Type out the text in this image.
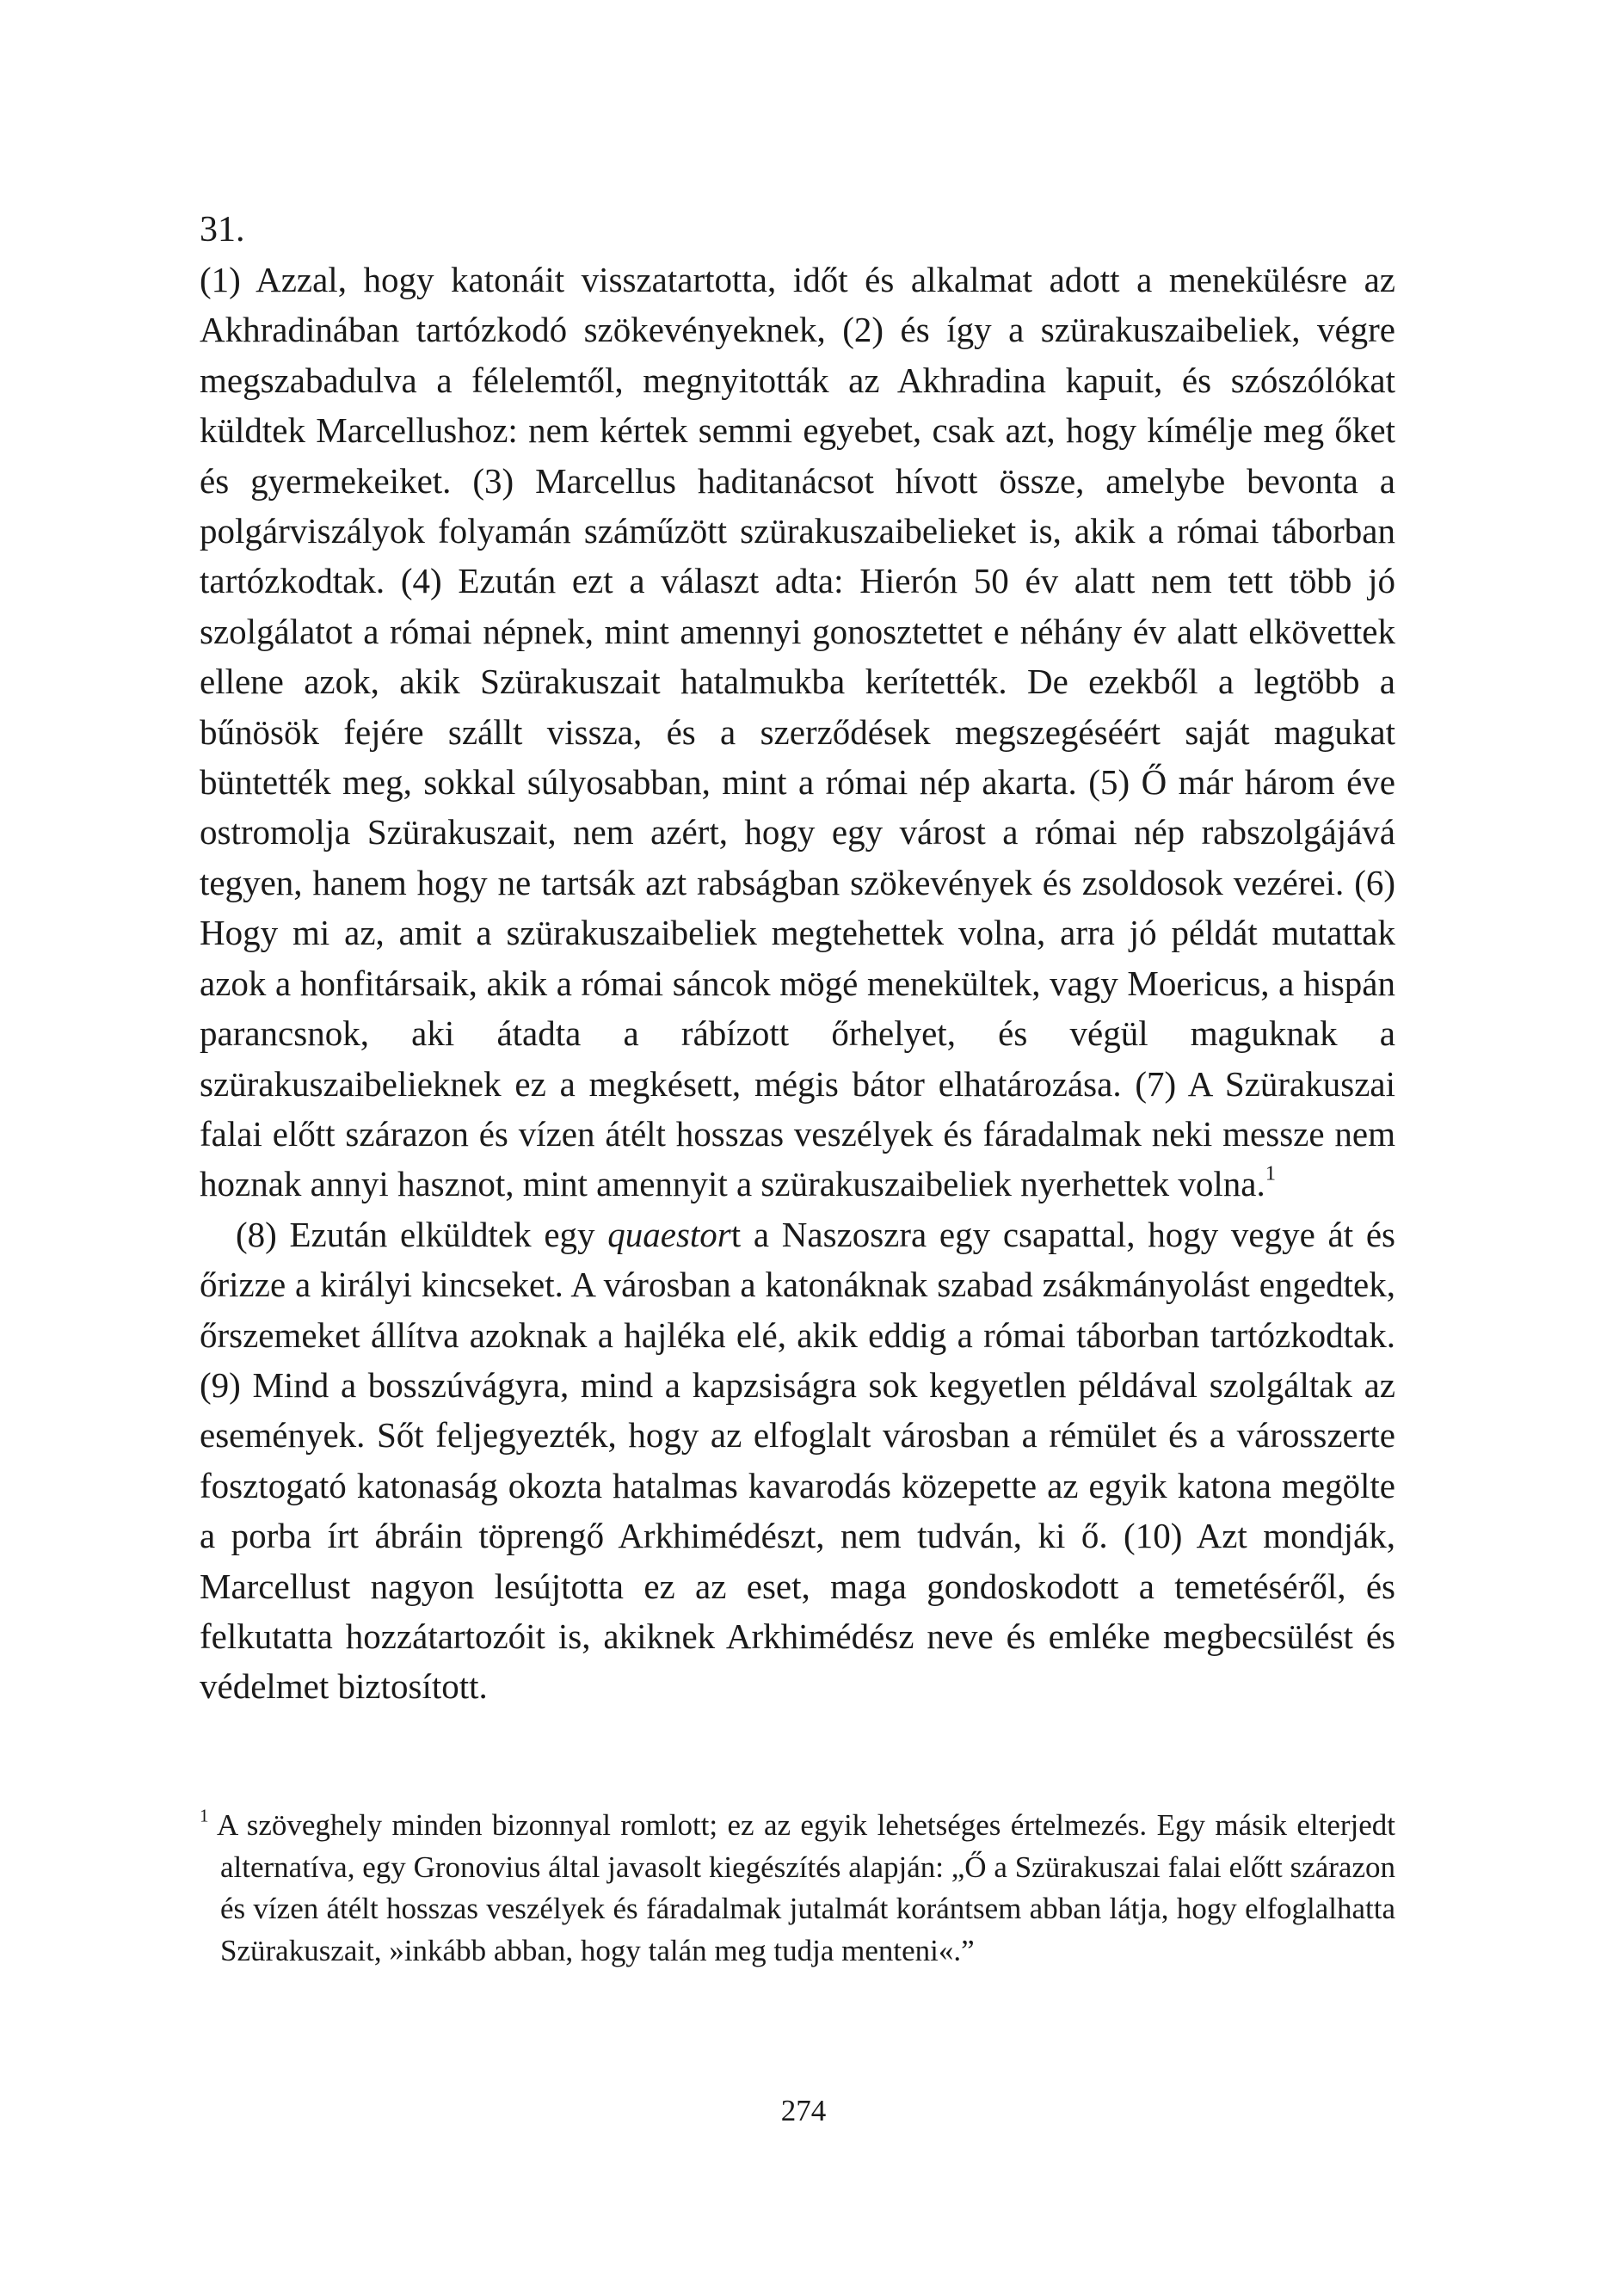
31.

(1) Azzal, hogy katonáit visszatartotta, időt és alkalmat adott a menekülésre az Akhradinában tartózkodó szökevényeknek, (2) és így a szürakuszaibeliek, végre megszabadulva a félelemtől, megnyitották az Akhradina kapuit, és szószólókat küldtek Marcellushoz: nem kértek semmi egyebet, csak azt, hogy kímélje meg őket és gyermekeiket. (3) Marcellus haditanácsot hívott össze, amelybe bevonta a polgárviszályok folyamán száműzött szürakuszaibelieket is, akik a római táborban tartózkodtak. (4) Ezután ezt a választ adta: Hierón 50 év alatt nem tett több jó szolgálatot a római népnek, mint amennyi gonosztettet e néhány év alatt elkövettek ellene azok, akik Szürakuszait hatalmukba kerítették. De ezekből a legtöbb a bűnösök fejére szállt vissza, és a szerződések megszegéséért saját magukat büntették meg, sokkal súlyosabban, mint a római nép akarta. (5) Ő már három éve ostromolja Szürakuszait, nem azért, hogy egy várost a római nép rabszolgájává tegyen, hanem hogy ne tartsák azt rabságban szökevények és zsoldosok vezérei. (6) Hogy mi az, amit a szürakuszaibeliek megtehettek volna, arra jó példát mutattak azok a honfitársaik, akik a római sáncok mögé menekültek, vagy Moericus, a hispán parancsnok, aki átadta a rábízott őrhelyet, és végül maguknak a szürakuszaibelieknek ez a megkésett, mégis bátor elhatározása. (7) A Szürakuszai falai előtt szárazon és vízen átélt hosszas veszélyek és fáradalmak neki messze nem hoznak annyi hasznot, mint amennyit a szürakuszaibeliek nyerhettek volna.$^1$

(8) Ezután elküldtek egy quaestort a Naszoszra egy csapattal, hogy vegye át és őrizze a királyi kincseket. A városban a katonáknak szabad zsákmányolást engedtek, őrszemeket állítva azoknak a hajléka elé, akik eddig a római táborban tartózkodtak. (9) Mind a bosszúvágyra, mind a kapzsiságra sok kegyetlen példával szolgáltak az események. Sőt feljegyezték, hogy az elfoglalt városban a rémület és a városszerte fosztogató katonaság okozta hatalmas kavarodás közepette az egyik katona megölte a porba írt ábráin töprengő Arkhimédészt, nem tudván, ki ő. (10) Azt mondják, Marcellust nagyon lesújtotta ez az eset, maga gondoskodott a temetéséről, és felkutatta hozzátartozóit is, akiknek Arkhimédész neve és emléke megbecsülést és védelmet biztosított.

$^1$ A szöveghely minden bizonnyal romlott; ez az egyik lehetséges értelmezés. Egy másik elterjedt alternatíva, egy Gronovius által javasolt kiegészítés alapján: „Ő a Szürakuszai falai előtt szárazon és vízen átélt hosszas veszélyek és fáradalmak jutalmát korántsem abban látja, hogy elfoglalhatta Szürakuszait, »inkább abban, hogy talán meg tudja menteni«.”

274
